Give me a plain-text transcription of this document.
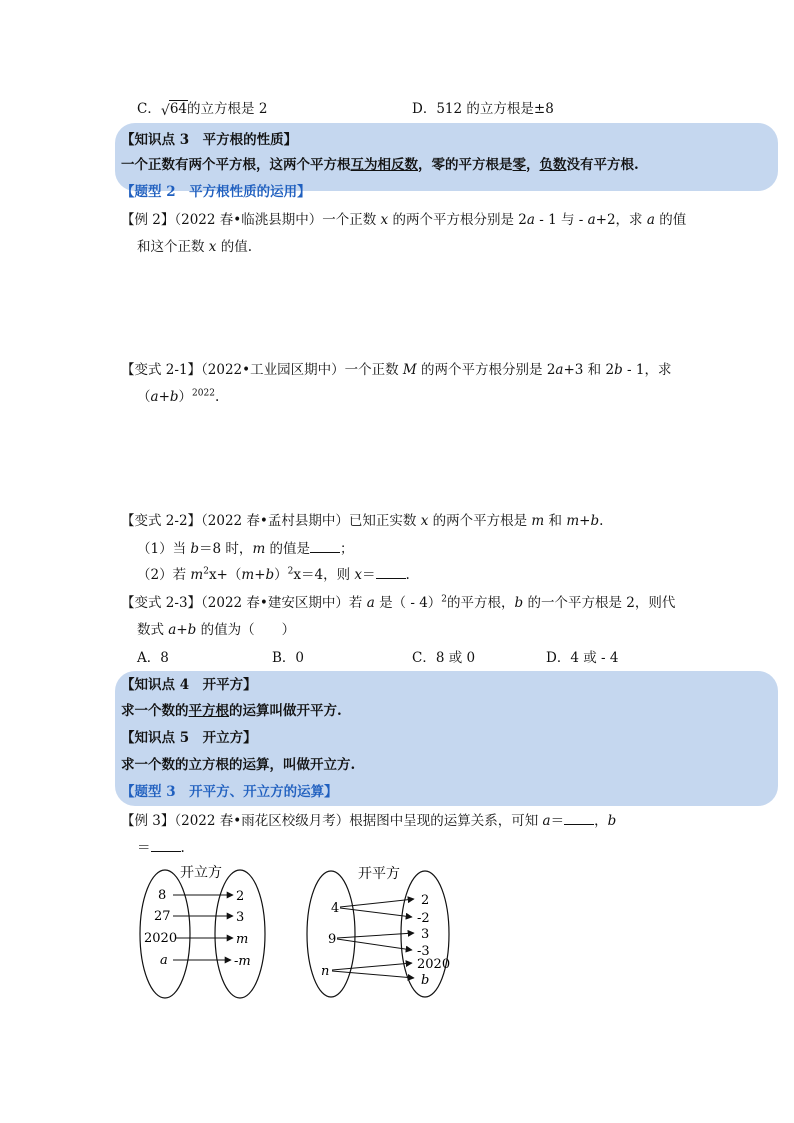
C． √ 64的立方根是 2	D．512 的立方根是±8
【知识点 3　平方根的性质】
一个正数有两个平方根，这两个平方根互为相反数，零的平方根是零，负数没有平方根.
【题型 2　平方根性质的运用】
【例 2】（2022 春•临洮县期中）一个正数 x 的两个平方根分别是 2a - 1 与 - a+2，求 a 的值
和这个正数 x 的值.
【变式 2-1】（2022•工业园区期中）一个正数 M 的两个平方根分别是 2a+3 和 2b - 1，求
$(a+b)^{2022}$.
【变式 2-2】（2022 春•孟村县期中）已知正实数 x 的两个平方根是 m 和 m+b.
（1）当 b＝8 时，m 的值是 ；
（2）若 $m^2x+(m+b)^2x=4$，则 x＝ .
【变式 2-3】（2022 春•建安区期中）若 a 是（ - 4）$^2$的平方根，b 的一个平方根是 2，则代
数式 a+b 的值为（　　）
A．8	B．0	C．8 或 0	D．4 或 - 4
【知识点 4　开平方】
求一个数的平方根的运算叫做开平方.
【知识点 5　开立方】
求一个数的立方根的运算，叫做开立方.
【题型 3　开平方、开立方的运算】
【例 3】（2022 春•雨花区校级月考）根据图中呈现的运算关系，可知 a＝ ，b
＝ .
开立方
8
27
2020
a
2
3
m
-m
开平方
4
9
n
2
-2
3
-3
2020
b
